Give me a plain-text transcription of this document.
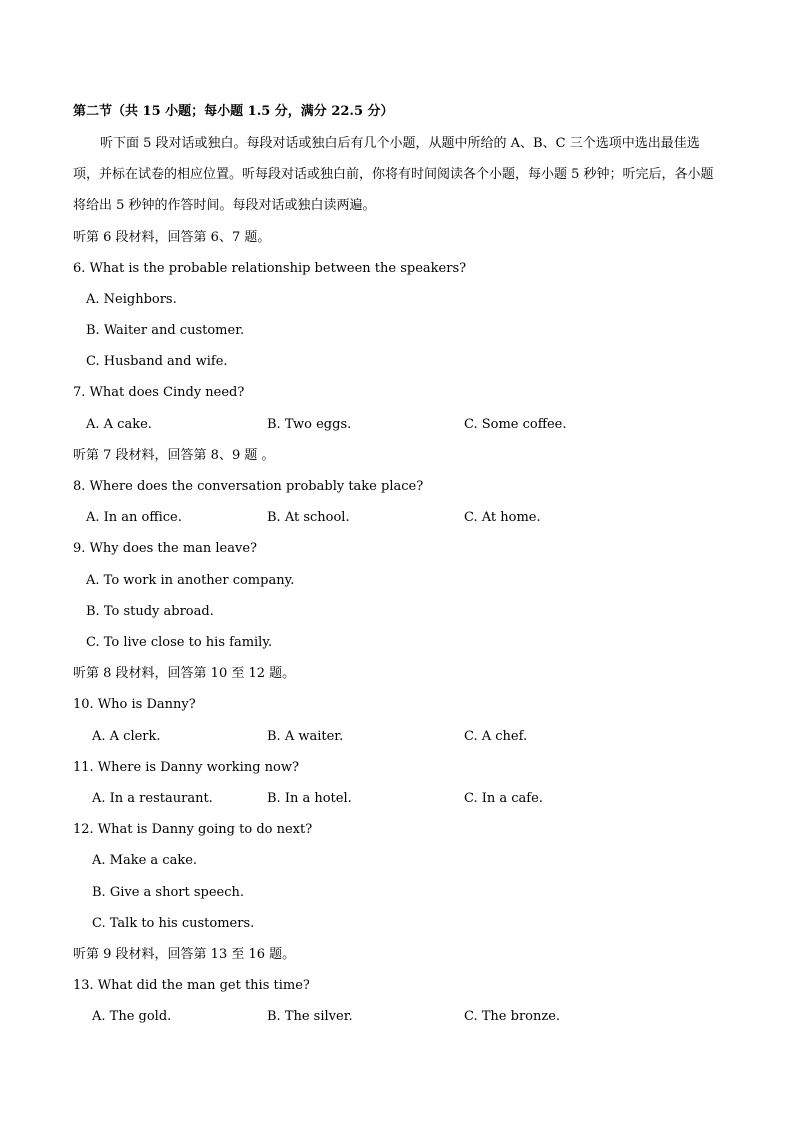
第二节（共 15 小题；每小题 1.5 分，满分 22.5 分）
听下面 5 段对话或独白。每段对话或独白后有几个小题，从题中所给的 A、B、C 三个选项中选出最佳选项，并标在试卷的相应位置。听每段对话或独白前，你将有时间阅读各个小题，每小题 5 秒钟；听完后，各小题将给出 5 秒钟的作答时间。每段对话或独白读两遍。
听第 6 段材料，回答第 6、7 题。
6. What is the probable relationship between the speakers?
A. Neighbors.
B. Waiter and customer.
C. Husband and wife.
7. What does Cindy need?
A. A cake.	B. Two eggs.	C. Some coffee.
听第 7 段材料，回答第 8、9 题 。
8. Where does the conversation probably take place?
A. In an office.	B. At school.	C. At home.
9. Why does the man leave?
A. To work in another company.
B. To study abroad.
C. To live close to his family.
听第 8 段材料，回答第 10 至 12 题。
10. Who is Danny?
A. A clerk.	B. A waiter.	C. A chef.
11. Where is Danny working now?
A. In a restaurant.	B. In a hotel.	C. In a cafe.
12. What is Danny going to do next?
A. Make a cake.
B. Give a short speech.
C. Talk to his customers.
听第 9 段材料，回答第 13 至 16 题。
13. What did the man get this time?
A. The gold.	B. The silver.	C. The bronze.
